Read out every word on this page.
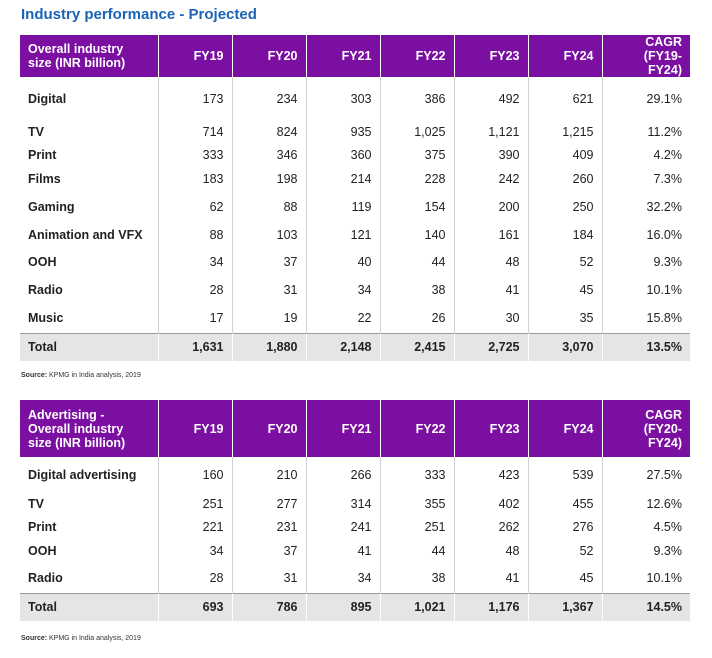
Industry performance - Projected
Overall industry size (INR billion)	FY19	FY20	FY21	FY22	FY23	FY24	CAGR (FY19-FY24)

Digital	173	234	303	386	492	621	29.1%

TV	714	824	935	1,025	1,121	1,215	11.2%
Print	333	346	360	375	390	409	4.2%
Films	183	198	214	228	242	260	7.3%
Gaming	62	88	119	154	200	250	32.2%
Animation and VFX	88	103	121	140	161	184	16.0%
OOH	34	37	40	44	48	52	9.3%
Radio	28	31	34	38	41	45	10.1%
Music	17	19	22	26	30	35	15.8%
Total	1,631	1,880	2,148	2,415	2,725	3,070	13.5%
Source: KPMG in India analysis, 2019
Advertising - Overall industry size (INR billion)	FY19	FY20	FY21	FY22	FY23	FY24	CAGR (FY20-FY24)
Digital advertising	160	210	266	333	423	539	27.5%
TV	251	277	314	355	402	455	12.6%
Print	221	231	241	251	262	276	4.5%
OOH	34	37	41	44	48	52	9.3%
Radio	28	31	34	38	41	45	10.1%
Total	693	786	895	1,021	1,176	1,367	14.5%
Source: KPMG in India analysis, 2019
